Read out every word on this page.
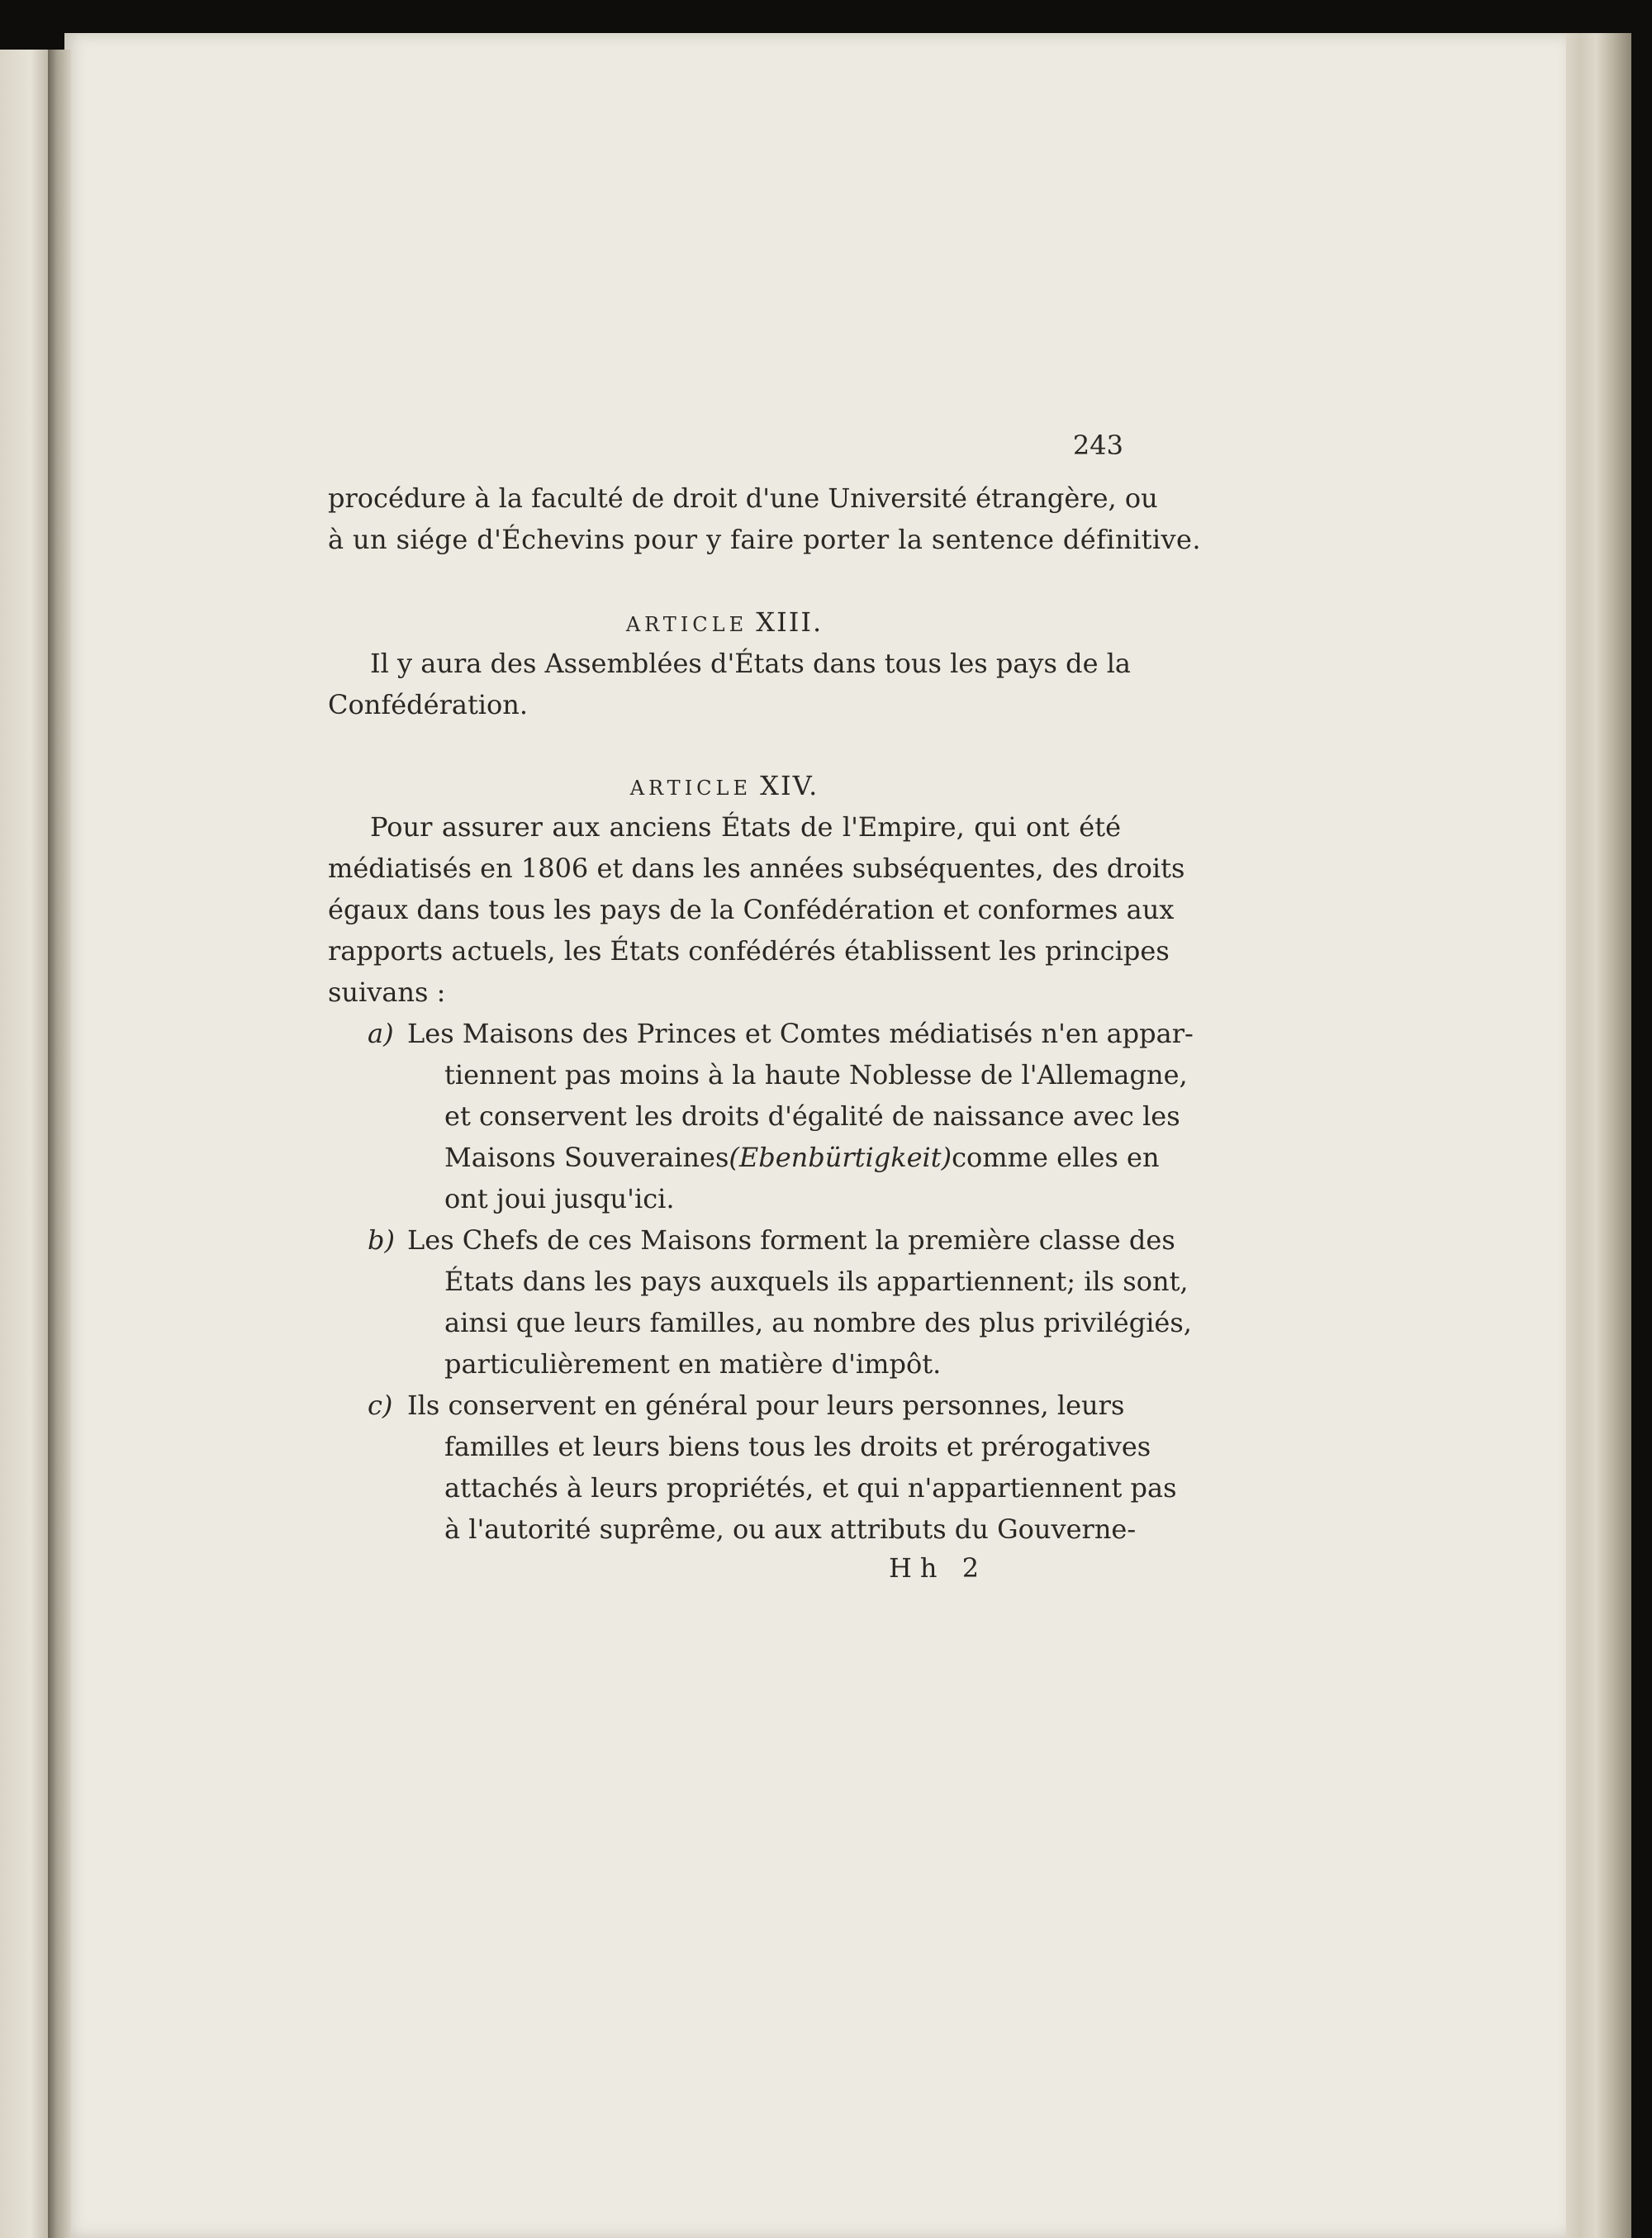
243
procédure à la faculté de droit d'une Université étrangère, ou
à un siége d'Échevins pour y faire porter la sentence définitive.
ARTICLE XIII.
Il y aura des Assemblées d'États dans tous les pays de la
Confédération.
ARTICLE XIV.
Pour assurer aux anciens États de l'Empire, qui ont été
médiatisés en 1806 et dans les années subséquentes, des droits
égaux dans tous les pays de la Confédération et conformes aux
rapports actuels, les États confédérés établissent les principes
suivans :
a) Les Maisons des Princes et Comtes médiatisés n'en appar-
tiennent pas moins à la haute Noblesse de l'Allemagne,
et conservent les droits d'égalité de naissance avec les
Maisons Souveraines (Ebenbürtigkeit) comme elles en
ont joui jusqu'ici.
b) Les Chefs de ces Maisons forment la première classe des
États dans les pays auxquels ils appartiennent; ils sont,
ainsi que leurs familles, au nombre des plus privilégiés,
particulièrement en matière d'impôt.
c) Ils conservent en général pour leurs personnes, leurs
familles et leurs biens tous les droits et prérogatives
attachés à leurs propriétés, et qui n'appartiennent pas
à l'autorité suprême, ou aux attributs du Gouverne-
Hh 2
